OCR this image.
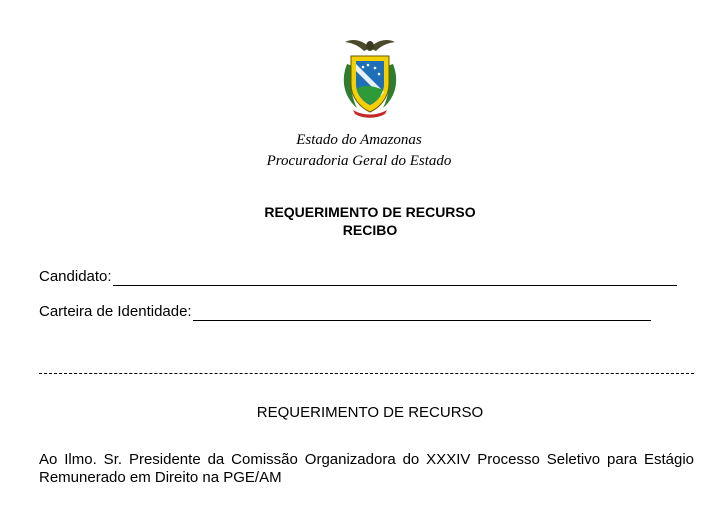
Estado do Amazonas
Procuradoria Geral do Estado
REQUERIMENTO DE RECURSO
RECIBO
Candidato:
Carteira de Identidade:
REQUERIMENTO DE RECURSO
Ao Ilmo. Sr. Presidente da Comissão Organizadora do XXXIV Processo Seletivo para Estágio Remunerado em Direito na PGE/AM
